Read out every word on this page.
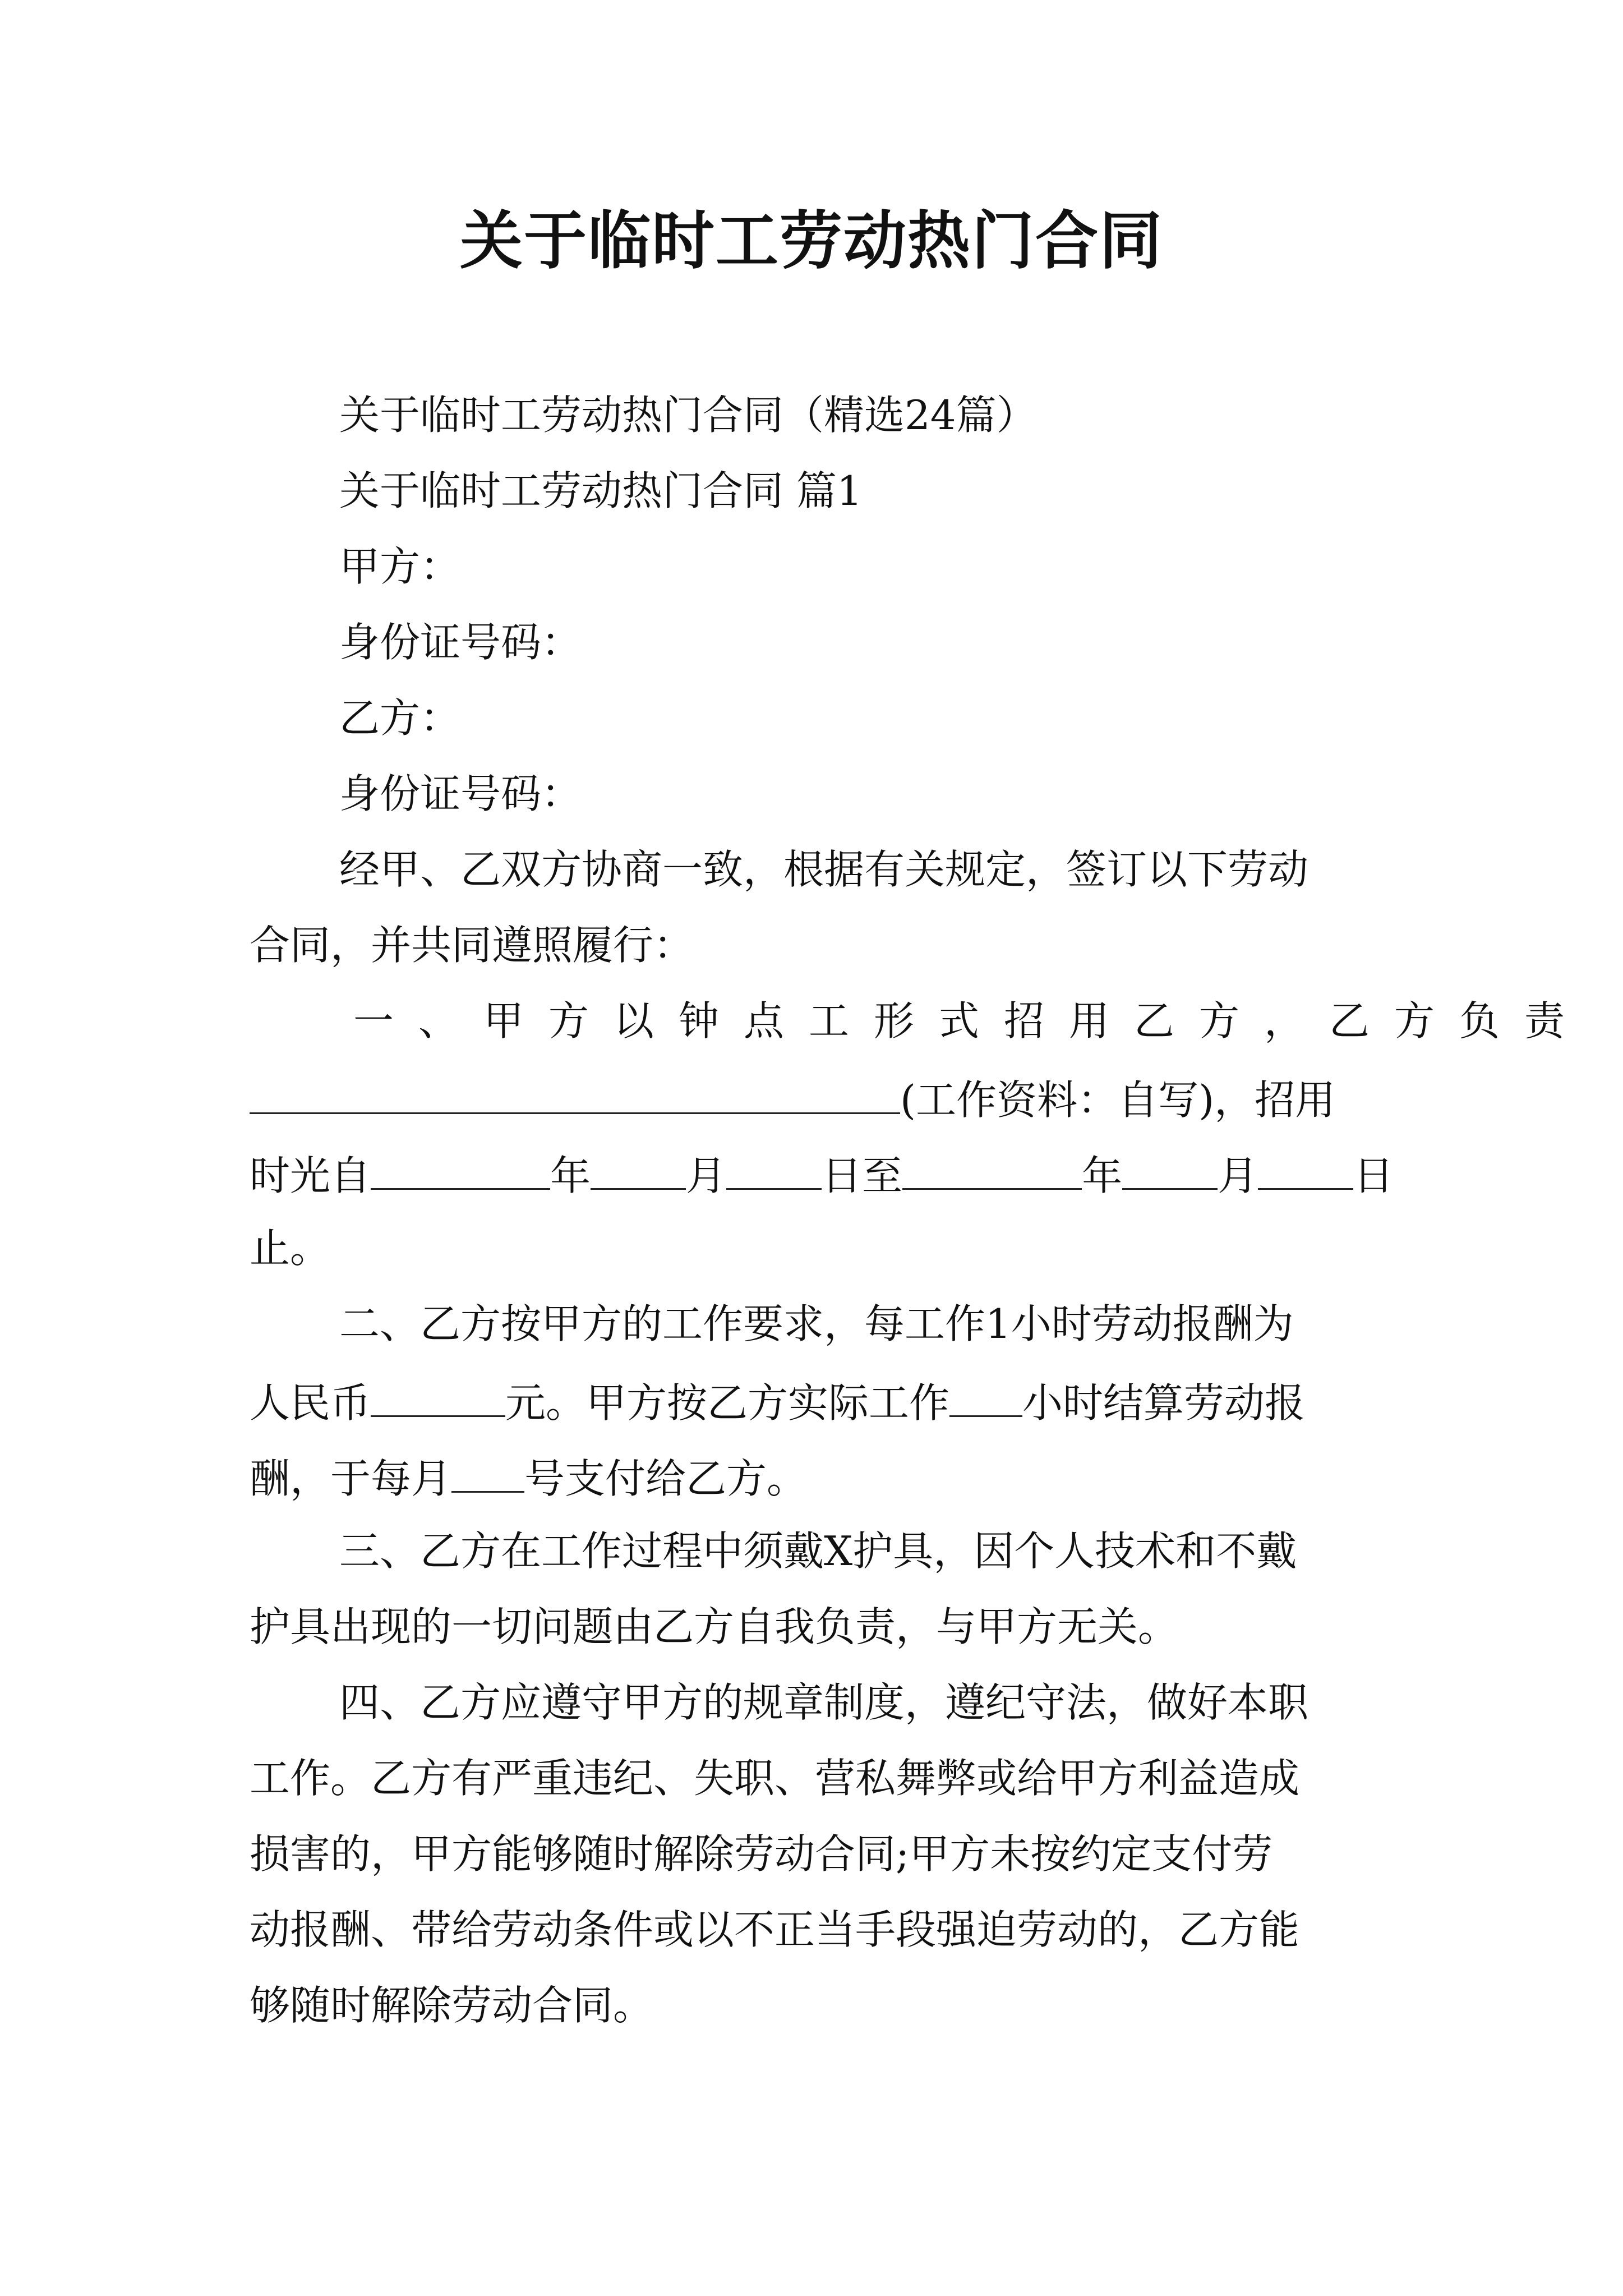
关于临时工劳动热门合同
关于临时工劳动热门合同（精选24篇）
关于临时工劳动热门合同 篇1
甲方：
身份证号码：
乙方：
身份证号码：
经甲、乙双方协商一致，根据有关规定，签订以下劳动
合同，并共同遵照履行：
一、甲方以钟点工形式招用乙方， 乙方负责
(工作资料：自写)，招用
时光自	年 月 日至	年 月 日
止。
二、乙方按甲方的工作要求，每工作1小时劳动报酬为
人民币	元。甲方按乙方实际工作 小时结算劳动报
酬，于每月 号支付给乙方。
三、乙方在工作过程中须戴X护具，因个人技术和不戴
护具出现的一切问题由乙方自我负责，与甲方无关。
四、乙方应遵守甲方的规章制度，遵纪守法，做好本职
工作。乙方有严重违纪、失职、营私舞弊或给甲方利益造成
损害的，甲方能够随时解除劳动合同;甲方未按约定支付劳
动报酬、带给劳动条件或以不正当手段强迫劳动的，乙方能
够随时解除劳动合同。
